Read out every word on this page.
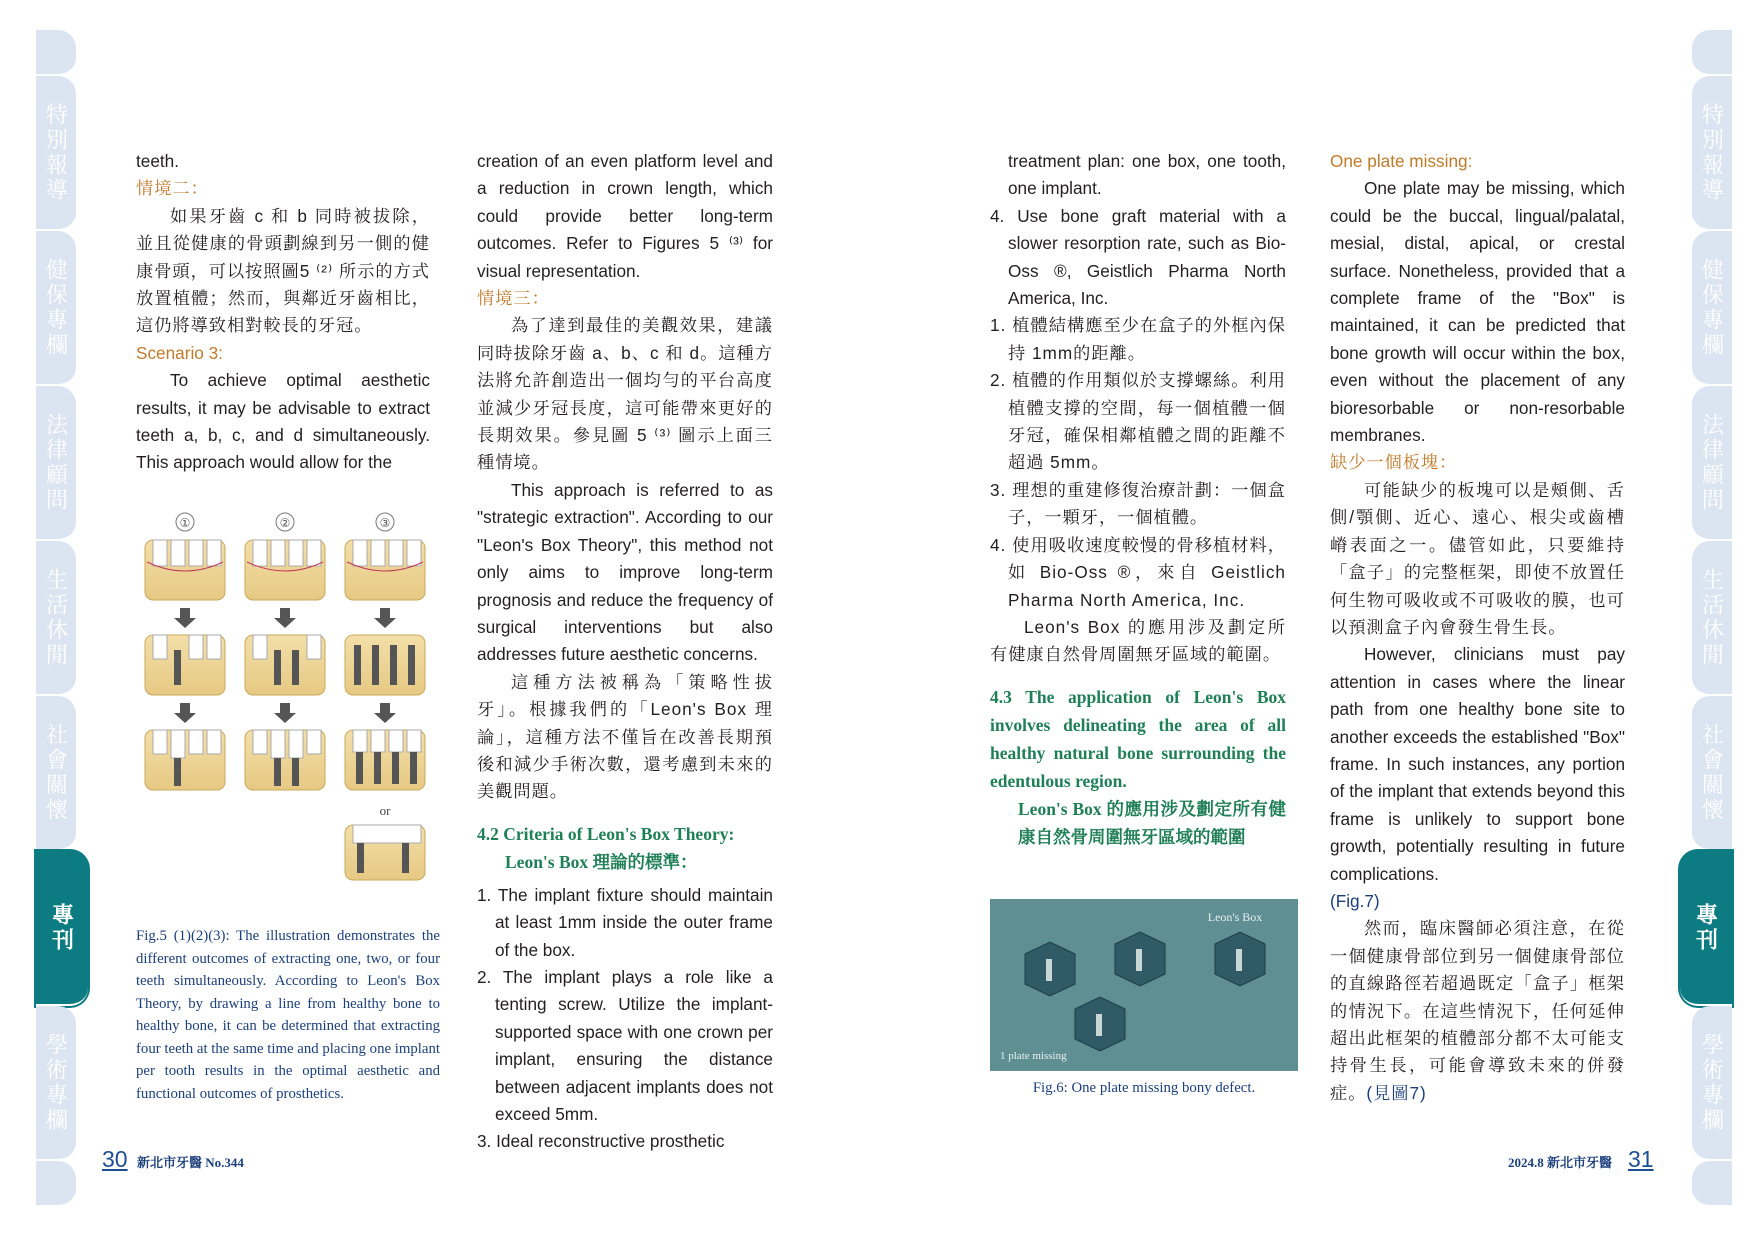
特別報導
健保專欄
法律顧問
生活休閒
社會關懷
專刊
學術專欄
特別報導
健保專欄
法律顧問
生活休閒
社會關懷
專刊
學術專欄

teeth.

情境二：

如果牙齒 c 和 b 同時被拔除，並且從健康的骨頭劃線到另一側的健康骨頭，可以按照圖5 ⁽²⁾ 所示的方式放置植體；然而，與鄰近牙齒相比，這仍將導致相對較長的牙冠。

Scenario 3:

To achieve optimal aesthetic results, it may be advisable to extract teeth a, b, c, and d simultaneously. This approach would allow for the

①	②	③
or
Fig.5 (1)(2)(3): The illustration demonstrates the different outcomes of extracting one, two, or four teeth simultaneously. According to Leon's Box Theory, by drawing a line from healthy bone to healthy bone, it can be determined that extracting four teeth at the same time and placing one implant per tooth results in the optimal aesthetic and functional outcomes of prosthetics.

creation of an even platform level and a reduction in crown length, which could provide better long-term outcomes. Refer to Figures 5 ⁽³⁾ for visual representation.

情境三：

為了達到最佳的美觀效果，建議同時拔除牙齒 a、b、c 和 d。這種方法將允許創造出一個均勻的平台高度並減少牙冠長度，這可能帶來更好的長期效果。參見圖 5 ⁽³⁾ 圖示上面三種情境。

This approach is referred to as "strategic extraction". According to our "Leon's Box Theory", this method not only aims to improve long-term prognosis and reduce the frequency of surgical interventions but also addresses future aesthetic concerns.

這種方法被稱為「策略性拔牙」。根據我們的「Leon's Box 理論」，這種方法不僅旨在改善長期預後和減少手術次數，還考慮到未來的美觀問題。

4.2 Criteria of Leon's Box Theory:

Leon's Box 理論的標準：

1. The implant fixture should maintain at least 1mm inside the outer frame of the box.
2. The implant plays a role like a tenting screw. Utilize the implant-supported space with one crown per implant, ensuring the distance between adjacent implants does not exceed 5mm.
3. Ideal reconstructive prosthetic

treatment plan: one box, one tooth, one implant.

4. Use bone graft material with a slower resorption rate, such as Bio-Oss ®, Geistlich Pharma North America, Inc.
1. 植體結構應至少在盒子的外框內保持 1mm的距離。
2. 植體的作用類似於支撐螺絲。利用植體支撐的空間，每一個植體一個牙冠，確保相鄰植體之間的距離不超過 5mm。
3. 理想的重建修復治療計劃：一個盒子，一顆牙，一個植體。
4. 使用吸收速度較慢的骨移植材料，如 Bio-Oss ®，來自 Geistlich Pharma North America, Inc.

Leon's Box 的應用涉及劃定所有健康自然骨周圍無牙區域的範圍。

4.3 The application of Leon's Box involves delineating the area of all healthy natural bone surrounding the edentulous region.

Leon's Box 的應用涉及劃定所有健康自然骨周圍無牙區域的範圍

Leon's Box
1 plate missing
Fig.6: One plate missing bony defect.

One plate missing:

One plate may be missing, which could be the buccal, lingual/palatal, mesial, distal, apical, or crestal surface. Nonetheless, provided that a complete frame of the "Box" is maintained, it can be predicted that bone growth will occur within the box, even without the placement of any bioresorbable or non-resorbable membranes.

缺少一個板塊：

可能缺少的板塊可以是頰側、舌側/顎側、近心、遠心、根尖或齒槽嵴表面之一。儘管如此，只要維持「盒子」的完整框架，即使不放置任何生物可吸收或不可吸收的膜，也可以預測盒子內會發生骨生長。

However, clinicians must pay attention in cases where the linear path from one healthy bone site to another exceeds the established "Box" frame. In such instances, any portion of the implant that extends beyond this frame is unlikely to support bone growth, potentially resulting in future complications.

(Fig.7)

然而，臨床醫師必須注意，在從一個健康骨部位到另一個健康骨部位的直線路徑若超過既定「盒子」框架的情況下。在這些情況下，任何延伸超出此框架的植體部分都不太可能支持骨生長，可能會導致未來的併發症。(見圖7)

30 新北市牙醫 No.344	2024.8 新北市牙醫 31
